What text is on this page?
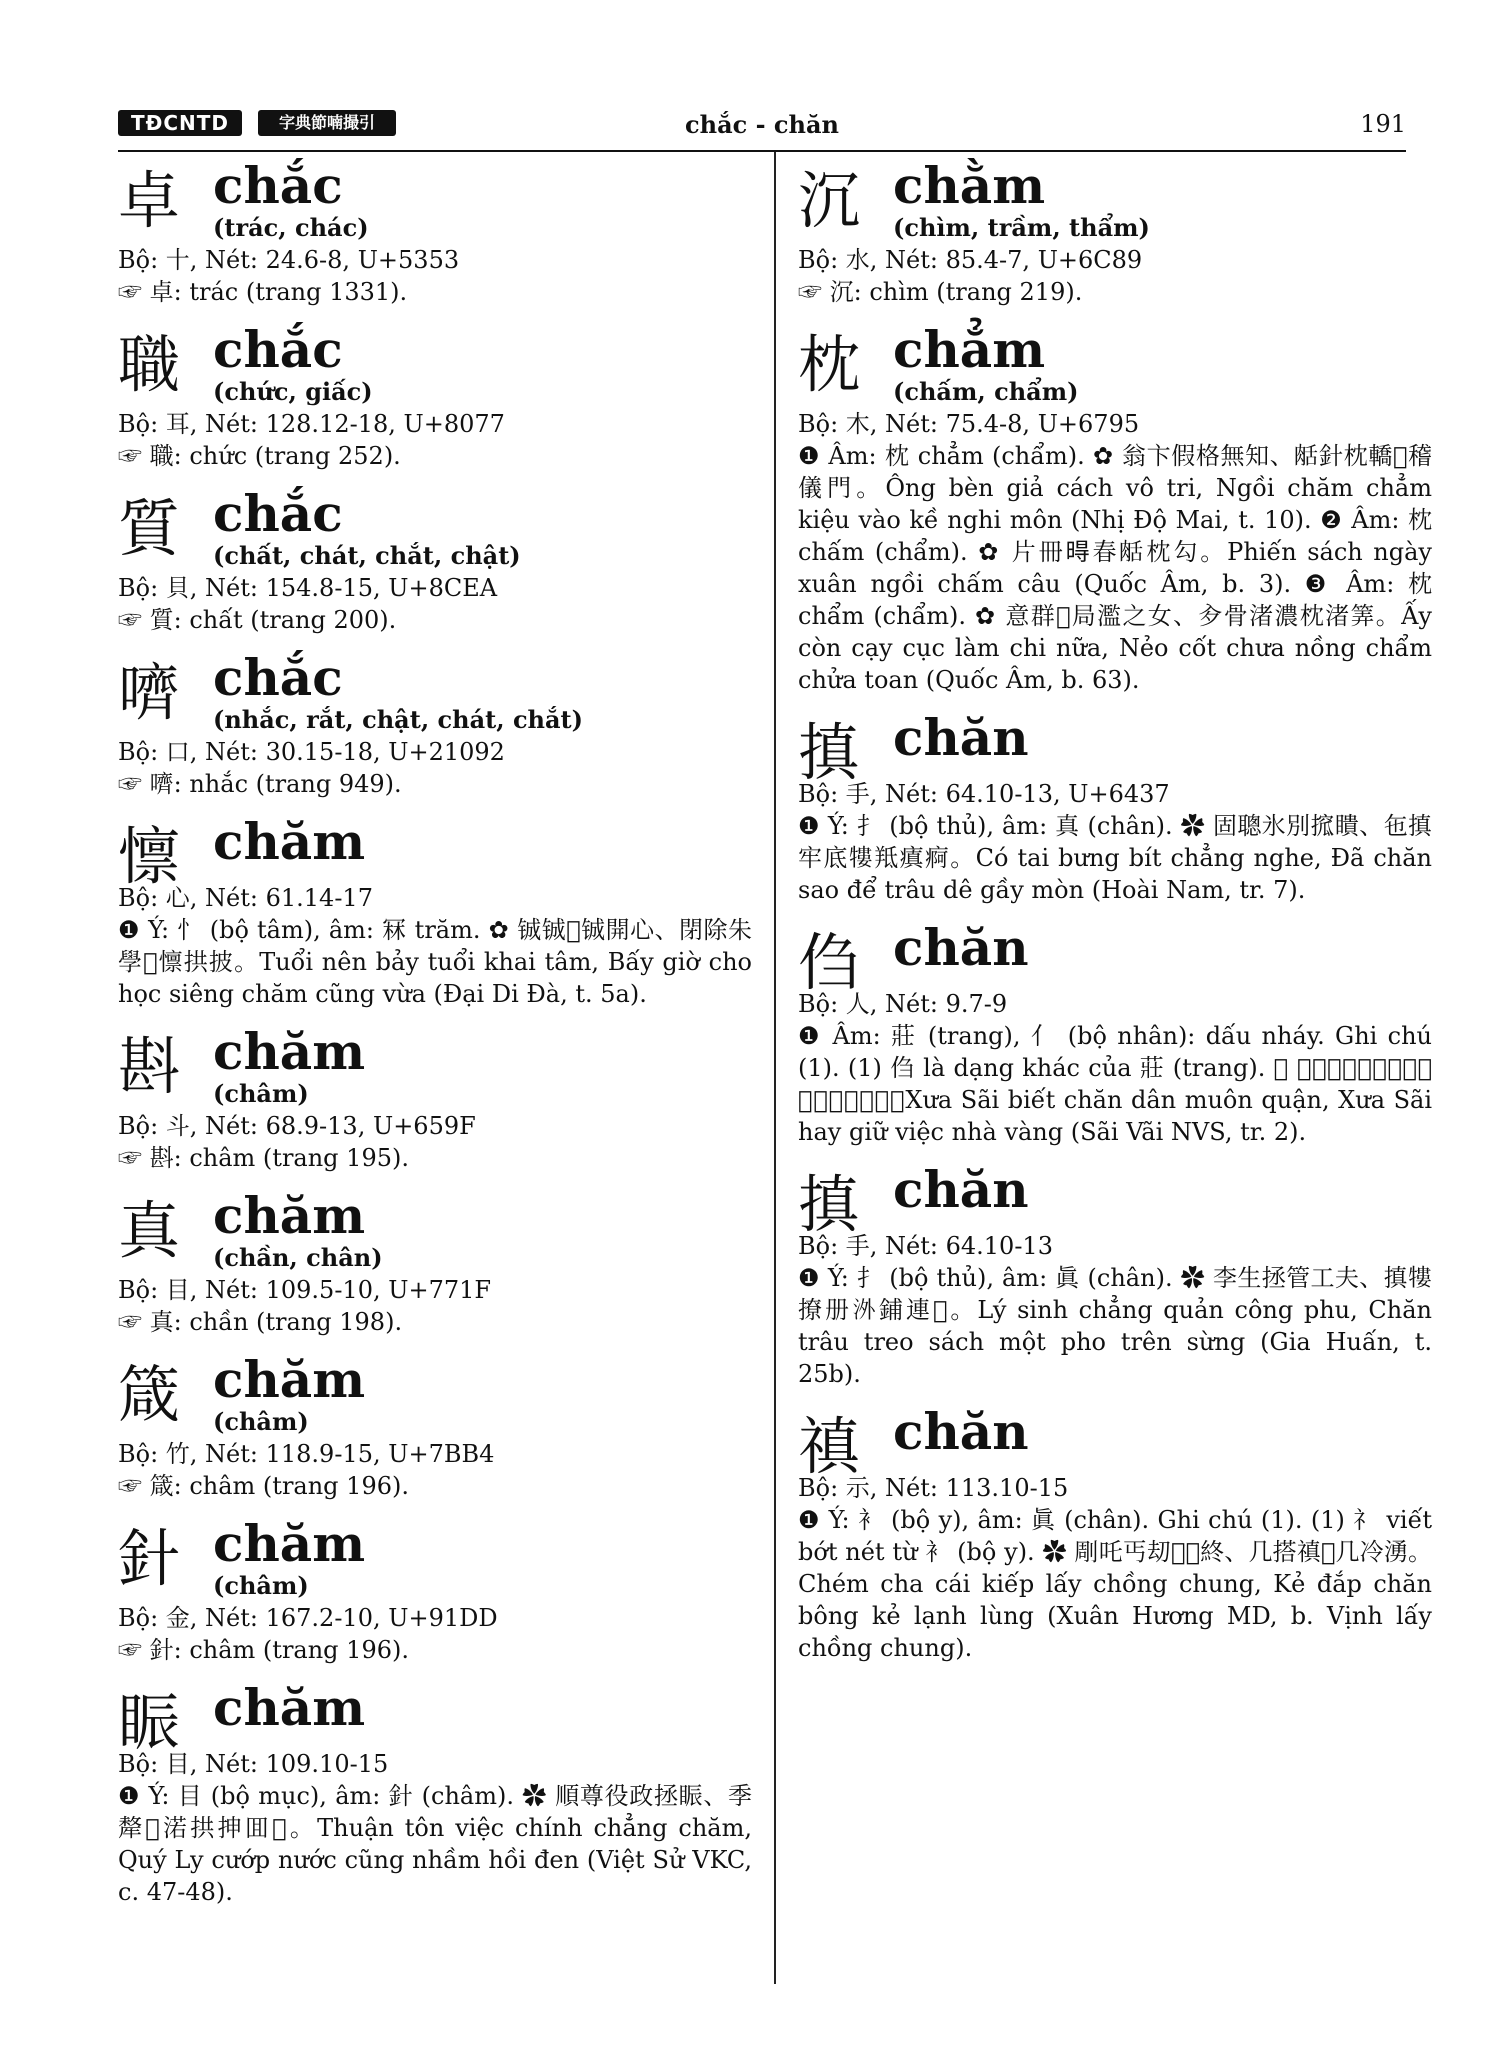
TĐCNTD	字典節喃撮引	chắc - chăn	191
卓 chắc
(trác, chác)
Bộ: 十, Nét: 24.6-8, U+5353
☞ 卓: trác (trang 1331).
職 chắc
(chức, giấc)
Bộ: 耳, Nét: 128.12-18, U+8077
☞ 職: chức (trang 252).
質 chắc
(chất, chát, chắt, chật)
Bộ: 貝, Nét: 154.8-15, U+8CEA
☞ 質: chất (trang 200).
嚌 chắc
(nhắc, rắt, chật, chát, chắt)
Bộ: 口, Nét: 30.15-18, U+21092
☞ 嚌: nhắc (trang 949).
懔 chăm
Bộ: 心, Nét: 61.14-17
❶ Ý: 忄 (bộ tâm), âm: 冧 trăm. ✿ 铖铖𪻟铖開心、閉除朱學𪽬懔拱披。Tuổi nên bảy tuổi khai tâm, Bấy giờ cho học siêng chăm cũng vừa (Đại Di Đà, t. 5a).
斟 chăm
(châm)
Bộ: 斗, Nét: 68.9-13, U+659F
☞ 斟: châm (trang 195).
真 chăm
(chần, chân)
Bộ: 目, Nét: 109.5-10, U+771F
☞ 真: chần (trang 198).
箴 chăm
(châm)
Bộ: 竹, Nét: 118.9-15, U+7BB4
☞ 箴: châm (trang 196).
針 chăm
(châm)
Bộ: 金, Nét: 167.2-10, U+91DD
☞ 針: châm (trang 196).
䀼 chăm
Bộ: 目, Nét: 109.10-15
❶ Ý: 目 (bộ mục), âm: 針 (châm). ✿ 順尊役政拯䀼、季犛𠛌渃拱抻囬𪒹。Thuận tôn việc chính chẳng chăm, Quý Ly cướp nước cũng nhầm hồi đen (Việt Sử VKC, c. 47-48).
沉 chằm
(chìm, trầm, thẩm)
Bộ: 水, Nét: 85.4-7, U+6C89
☞ 沉: chìm (trang 219).
枕 chẳm
(chấm, chẩm)
Bộ: 木, Nét: 75.4-8, U+6795
❶ Âm: 枕 chẳm (chẩm). ✿ 翁卞假格無知、𦧘針枕轎𠓨稽儀門。Ông bèn giả cách vô tri, Ngồi chăm chẳm kiệu vào kề nghi môn (Nhị Độ Mai, t. 10). ❷ Âm: 枕 chấm (chẩm). ✿ 片冊𣈜春𦧘枕勾。Phiến sách ngày xuân ngồi chấm câu (Quốc Âm, b. 3). ❸ Âm: 枕 chẩm (chẩm). ✿ 意群𢚸局濫之女、㒱骨渚濃枕渚筭。Ấy còn cạy cục làm chi nữa, Nẻo cốt chưa nồng chẩm chửa toan (Quốc Âm, b. 63).
搷 chăn
Bộ: 手, Nét: 64.10-13, U+6437
❶ Ý: 扌 (bộ thủ), âm: 真 (chân). ✿ 固聰氷別搲瞶、㐌搷牢底𤛠羝瘨痾。Có tai bưng bít chẳng nghe, Đã chăn sao để trâu dê gầy mòn (Hoài Nam, tr. 7).
㑇 chăn
Bộ: 人, Nét: 9.7-9
❶ Âm: 莊 (trang), 亻 (bộ nhân): dấu nháy. Ghi chú (1). (1) 㑇 là dạng khác của 莊 (trang). ✿ 𠸗仕別㑇民閔䎆、𠸗仕咍鉠役茹鐄。Xưa Sãi biết chăn dân muôn quận, Xưa Sãi hay giữ việc nhà vàng (Sãi Vãi NVS, tr. 2).
搷 chăn
Bộ: 手, Nét: 64.10-13
❶ Ý: 扌 (bộ thủ), âm: 眞 (chân). ✿ 李生拯管工夫、搷𤛠撩册𣳢鋪連𧤁。Lý sinh chẳng quản công phu, Chăn trâu treo sách một pho trên sừng (Gia Huấn, t. 25b).
禛 chăn
Bộ: 示, Nét: 113.10-15
❶ Ý: 衤 (bộ y), âm: 眞 (chân). Ghi chú (1). (1) 礻 viết bớt nét từ 衤 (bộ y). ✿ 㓮吒丐刧𥚄𠇍終、几搭禛𦲰几冷湧。Chém cha cái kiếp lấy chồng chung, Kẻ đắp chăn bông kẻ lạnh lùng (Xuân Hương MD, b. Vịnh lấy chồng chung).
